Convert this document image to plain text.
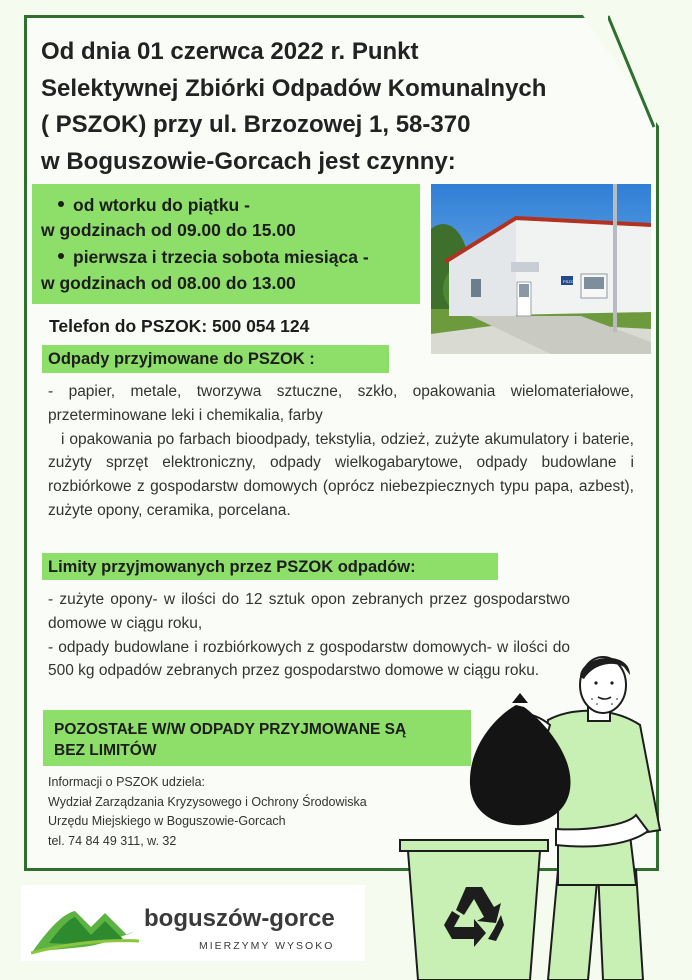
Od dnia 01 czerwca 2022 r. Punkt
Selektywnej Zbiórki Odpadów Komunalnych
( PSZOK) przy ul. Brzozowej 1, 58-370
w Boguszowie-Gorcach jest czynny:
od wtorku do piątku -
w godzinach od 09.00 do 15.00
pierwsza i trzecia sobota miesiąca -
w godzinach od 08.00 do 13.00	PSZOK
Telefon do PSZOK: 500 054 124
Odpady przyjmowane do PSZOK :

- papier, metale, tworzywa sztuczne, szkło, opakowania wielomateriałowe, przeterminowane leki i chemikalia, farby

i opakowania po farbach bioodpady, tekstylia, odzież, zużyte akumulatory i baterie, zużyty sprzęt elektroniczny, odpady wielkogabarytowe, odpady budowlane i rozbiórkowe z gospodarstw domowych (oprócz niebezpiecznych typu papa, azbest), zużyte opony, ceramika, porcelana.

Limity przyjmowanych przez PSZOK odpadów:

- zużyte opony- w ilości do 12 sztuk opon zebranych przez gospodarstwo domowe w ciągu roku,

- odpady budowlane i rozbiórkowych z gospodarstw domowych- w ilości do 500 kg odpadów zebranych przez gospodarstwo domowe w ciągu roku.

POZOSTAŁE W/W ODPADY PRZYJMOWANE SĄ
BEZ LIMITÓW
Informacji o PSZOK udziela:
Wydział Zarządzania Kryzysowego i Ochrony Środowiska
Urzędu Miejskiego w Boguszowie-Gorcach
tel. 74 84 49 311, w. 32
boguszów-gorce
MIERZYMY WYSOKO
